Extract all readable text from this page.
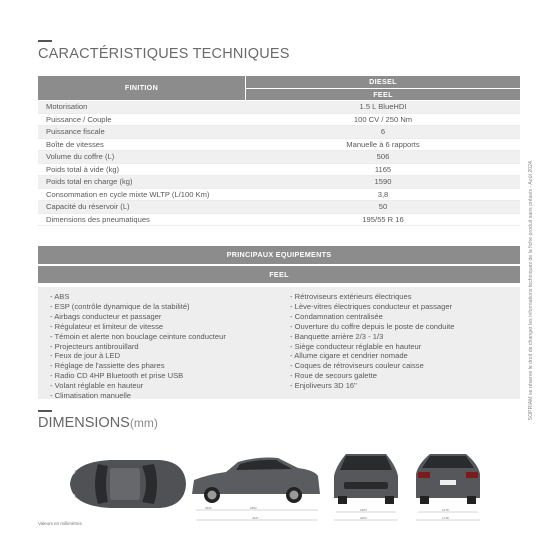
CARACTÉRISTIQUES TECHNIQUES
FINITION
DIESEL
FEEL
Motorisation	1.5 L BlueHDI
Puissance / Couple	100 CV / 250 Nm
Puissance fiscale	6
Boîte de vitesses	Manuelle à 6 rapports
Volume du coffre (L)	506
Poids total à vide (kg)	1165
Poids total en charge (kg)	1590
Consommation en cycle mixte WLTP (L/100 Km)	3,8
Capacité du réservoir (L)	50
Dimensions des pneumatiques	195/55 R 16
PRINCIPAUX EQUIPEMENTS
FEEL
- ABS
- ESP (contrôle dynamique de la stabilité)
- Airbags conducteur et passager
- Régulateur et limiteur de vitesse
- Témoin et alerte non bouclage ceinture conducteur
- Projecteurs antibrouillard
- Feux de jour à LED
- Réglage de l'assiette des phares
- Radio CD 4HP Bluetooth et prise USB
- Volant réglable en hauteur
- Climatisation manuelle
- Rétroviseurs extérieurs électriques
- Lève-vitres électriques conducteur et passager
- Condamnation centralisée
- Ouverture du coffre depuis le poste de conduite
- Banquette arrière 2/3 - 1/3
- Siège conducteur réglable en hauteur
- Allume cigare et cendrier nomade
- Coques de rétroviseurs couleur caisse
- Roue de secours galette
- Enjoliveurs 3D 16"	SOPRIAM se réserve le droit de changer les informations techniques de la fiche produit sans préavis - Août 2024.
DIMENSIONS(mm)
2652	2652
4427
1503
2004
1478
1748
Valeurs en millimètres
